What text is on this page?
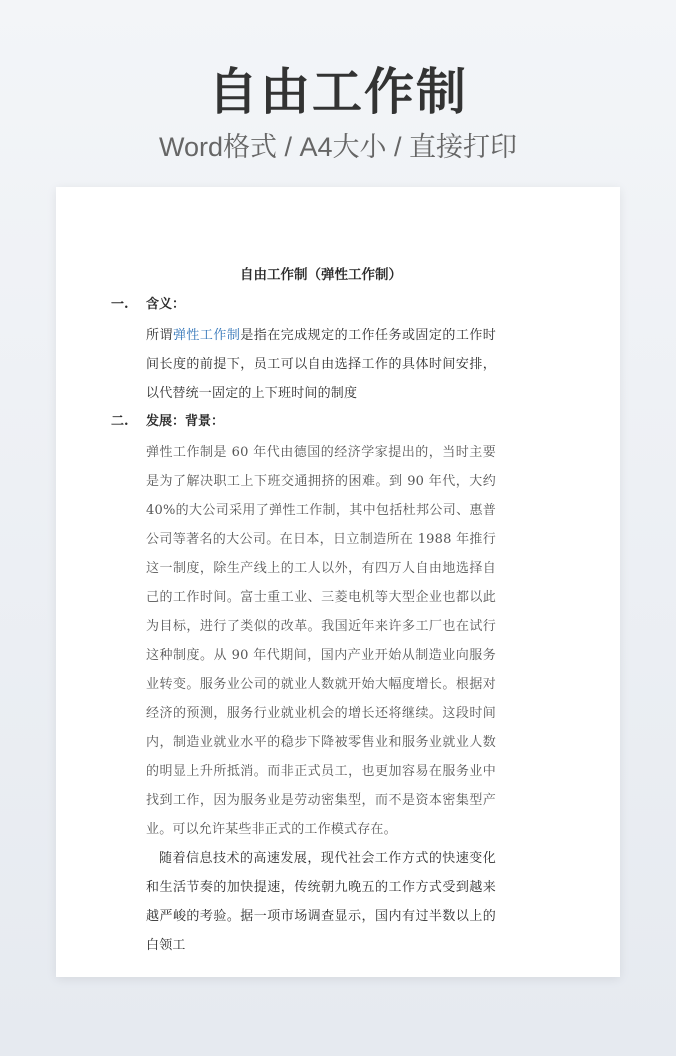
自由工作制
Word格式 / A4大小 / 直接打印

自由工作制（弹性工作制）

一. 含义：

所谓弹性工作制是指在完成规定的工作任务或固定的工作时间长度的前提下，员工可以自由选择工作的具体时间安排，以代替统一固定的上下班时间的制度

二. 发展：背景：

弹性工作制是 60 年代由德国的经济学家提出的，当时主要是为了解决职工上下班交通拥挤的困难。到 90 年代，大约 40%的大公司采用了弹性工作制，其中包括杜邦公司、惠普公司等著名的大公司。在日本，日立制造所在 1988 年推行这一制度，除生产线上的工人以外，有四万人自由地选择自己的工作时间。富士重工业、三菱电机等大型企业也都以此为目标，进行了类似的改革。我国近年来许多工厂也在试行这种制度。从 90 年代期间，国内产业开始从制造业向服务业转变。服务业公司的就业人数就开始大幅度增长。根据对经济的预测，服务行业就业机会的增长还将继续。这段时间内，制造业就业水平的稳步下降被零售业和服务业就业人数的明显上升所抵消。而非正式员工，也更加容易在服务业中找到工作，因为服务业是劳动密集型，而不是资本密集型产业。可以允许某些非正式的工作模式存在。

随着信息技术的高速发展，现代社会工作方式的快速变化和生活节奏的加快提速，传统朝九晚五的工作方式受到越来越严峻的考验。据一项市场调查显示，国内有过半数以上的白领工
